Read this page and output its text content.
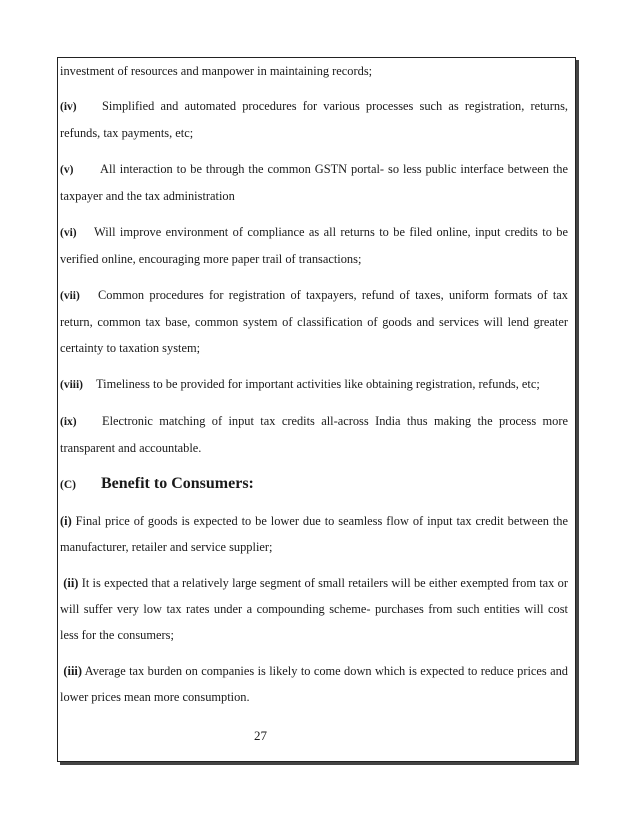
investment of resources and manpower in maintaining records;

(iv) Simplified and automated procedures for various processes such as registration, returns, refunds, tax payments, etc;

(v) All interaction to be through the common GSTN portal- so less public interface between the taxpayer and the tax administration

(vi) Will improve environment of compliance as all returns to be filed online, input credits to be verified online, encouraging more paper trail of transactions;

(vii) Common procedures for registration of taxpayers, refund of taxes, uniform formats of tax return, common tax base, common system of classification of goods and services will lend greater certainty to taxation system;

(viii) Timeliness to be provided for important activities like obtaining registration, refunds, etc;

(ix) Electronic matching of input tax credits all-across India thus making the process more transparent and accountable.

(C) Benefit to Consumers:

(i) Final price of goods is expected to be lower due to seamless flow of input tax credit between the manufacturer, retailer and service supplier;

(ii) It is expected that a relatively large segment of small retailers will be either exempted from tax or will suffer very low tax rates under a compounding scheme- purchases from such entities will cost less for the consumers;

(iii) Average tax burden on companies is likely to come down which is expected to reduce prices and lower prices mean more consumption.

27
